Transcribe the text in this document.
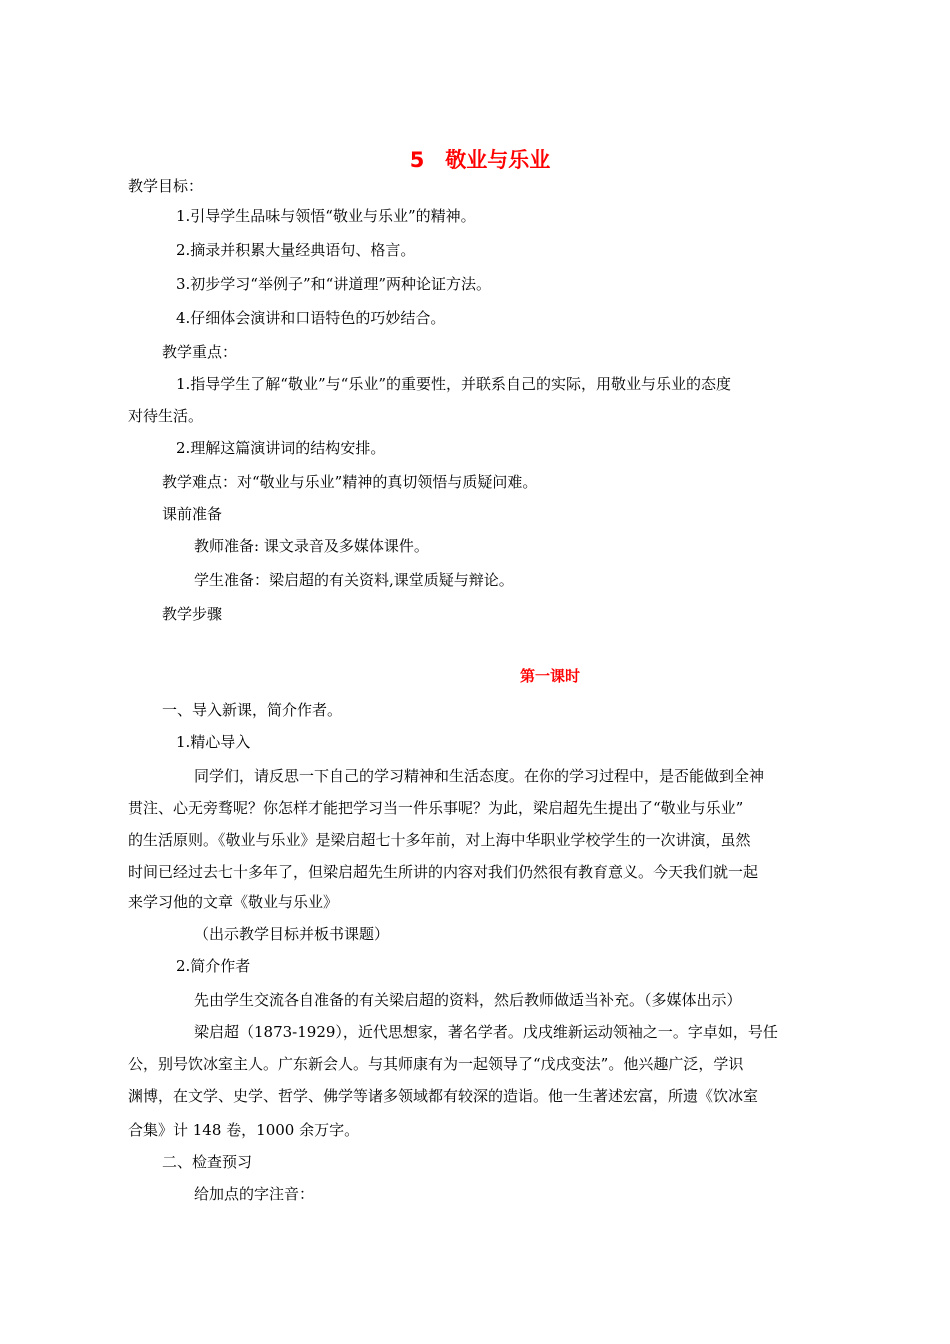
5　敬业与乐业
教学目标：
1.引导学生品味与领悟“敬业与乐业”的精神。
2.摘录并积累大量经典语句、格言。
3.初步学习“举例子”和“讲道理”两种论证方法。
4.仔细体会演讲和口语特色的巧妙结合。
教学重点：
1.指导学生了解“敬业”与“乐业”的重要性，并联系自己的实际，用敬业与乐业的态度
对待生活。
2.理解这篇演讲词的结构安排。
教学难点：对“敬业与乐业”精神的真切领悟与质疑问难。
课前准备
教师准备: 课文录音及多媒体课件。
学生准备：梁启超的有关资料,课堂质疑与辩论。
教学步骤
第一课时
一、导入新课，简介作者。
1.精心导入
同学们，请反思一下自己的学习精神和生活态度。在你的学习过程中，是否能做到全神
贯注、心无旁骛呢？你怎样才能把学习当一件乐事呢？为此，梁启超先生提出了“敬业与乐业”
的生活原则。《敬业与乐业》是梁启超七十多年前，对上海中华职业学校学生的一次讲演，虽然
时间已经过去七十多年了，但梁启超先生所讲的内容对我们仍然很有教育意义。今天我们就一起
来学习他的文章《敬业与乐业》
（出示教学目标并板书课题）
2.简介作者
先由学生交流各自准备的有关梁启超的资料，然后教师做适当补充。（多媒体出示）
梁启超（1873-1929），近代思想家，著名学者。戊戌维新运动领袖之一。字卓如，号任
公，别号饮冰室主人。广东新会人。与其师康有为一起领导了“戊戌变法”。他兴趣广泛，学识
渊博，在文学、史学、哲学、佛学等诸多领域都有较深的造诣。他一生著述宏富，所遗《饮冰室
合集》计 148 卷，1000 余万字。
二、检查预习
给加点的字注音：
